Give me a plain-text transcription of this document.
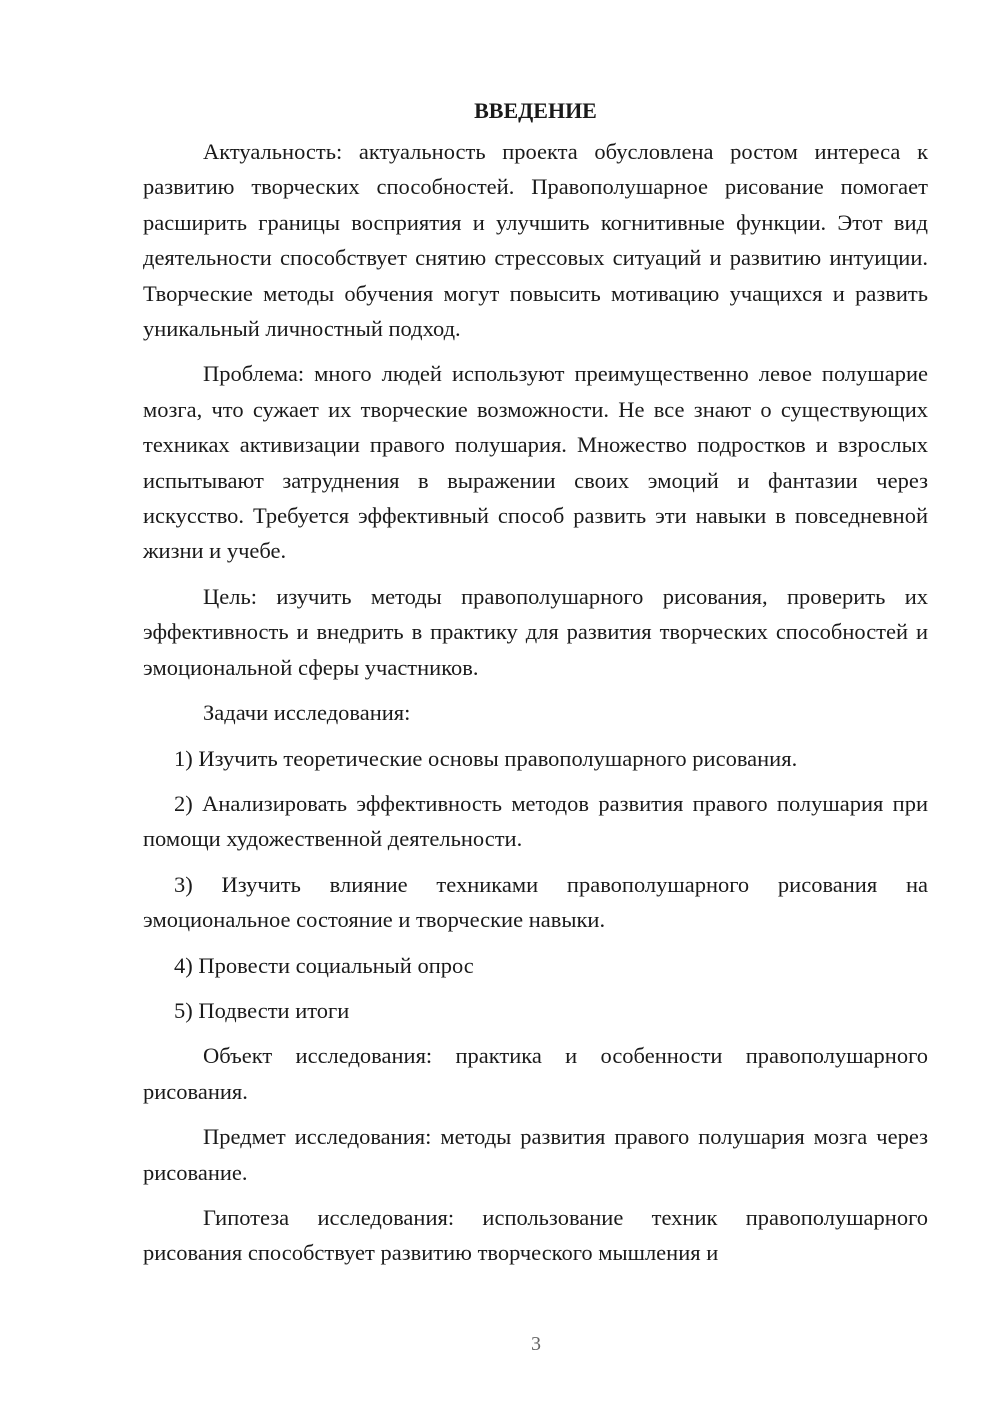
ВВЕДЕНИЕ

Актуальность: актуальность проекта обусловлена ростом интереса к развитию творческих способностей. Правополушарное рисование помогает расширить границы восприятия и улучшить когнитивные функции. Этот вид деятельности способствует снятию стрессовых ситуаций и развитию интуиции. Творческие методы обучения могут повысить мотивацию учащихся и развить уникальный личностный подход.

Проблема: много людей используют преимущественно левое полушарие мозга, что сужает их творческие возможности. Не все знают о существующих техниках активизации правого полушария. Множество подростков и взрослых испытывают затруднения в выражении своих эмоций и фантазии через искусство. Требуется эффективный способ развить эти навыки в повседневной жизни и учебе.

Цель: изучить методы правополушарного рисования, проверить их эффективность и внедрить в практику для развития творческих способностей и эмоциональной сферы участников.

Задачи исследования:

1) Изучить теоретические основы правополушарного рисования.

2) Анализировать эффективность методов развития правого полушария при помощи художественной деятельности.

3) Изучить влияние техниками правополушарного рисования на эмоциональное состояние и творческие навыки.

4) Провести социальный опрос

5) Подвести итоги

Объект исследования: практика и особенности правополушарного рисования.

Предмет исследования: методы развития правого полушария мозга через рисование.

Гипотеза исследования: использование техник правополушарного рисования способствует развитию творческого мышления и

3
